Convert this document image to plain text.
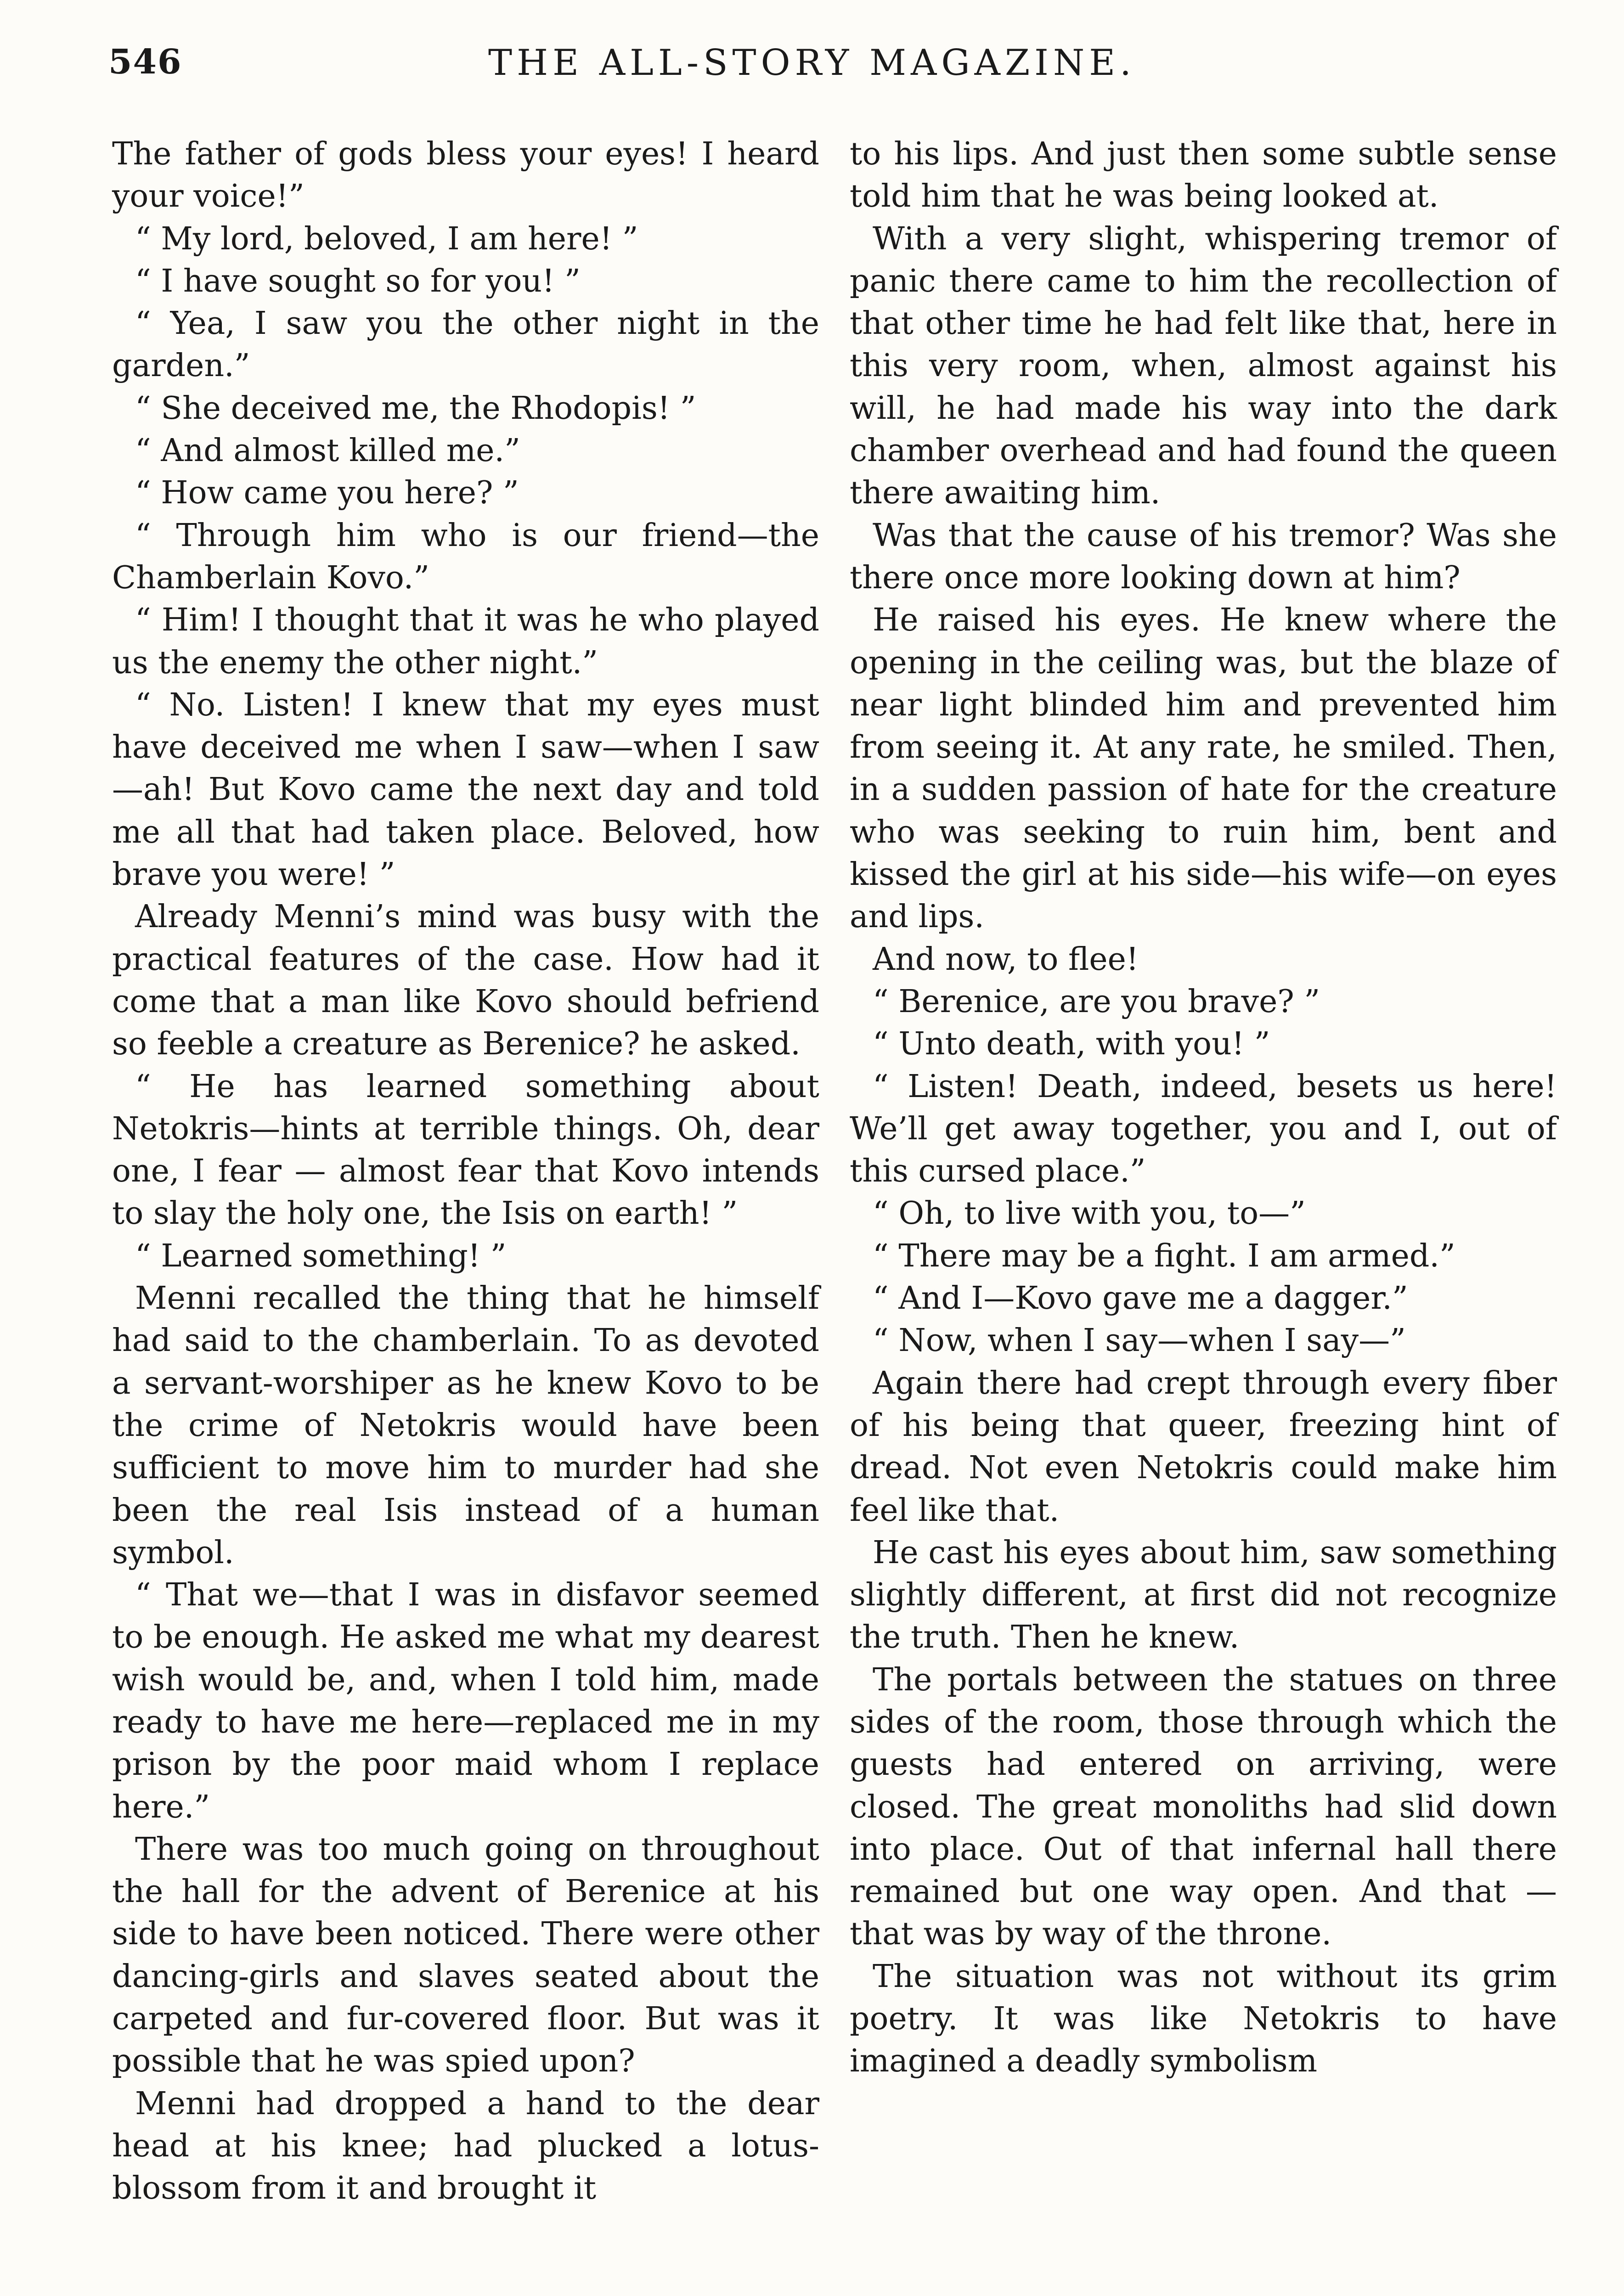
546	THE ALL-STORY MAGAZINE.

The father of gods bless your eyes! I heard your voice!”

“ My lord, beloved, I am here! ”

“ I have sought so for you! ”

“ Yea, I saw you the other night in the garden.”

“ She deceived me, the Rhodopis! ”

“ And almost killed me.”

“ How came you here? ”

“ Through him who is our friend—the Chamberlain Kovo.”

“ Him! I thought that it was he who played us the enemy the other night.”

“ No. Listen! I knew that my eyes must have deceived me when I saw—when I saw—ah! But Kovo came the next day and told me all that had taken place. Beloved, how brave you were! ”

Already Menni’s mind was busy with the practical features of the case. How had it come that a man like Kovo should befriend so feeble a creature as Berenice? he asked.

“ He has learned something about Netokris—hints at terrible things. Oh, dear one, I fear — almost fear that Kovo intends to slay the holy one, the Isis on earth! ”

“ Learned something! ”

Menni recalled the thing that he himself had said to the chamberlain. To as devoted a servant-worshiper as he knew Kovo to be the crime of Netokris would have been sufficient to move him to murder had she been the real Isis instead of a human symbol.

“ That we—that I was in disfavor seemed to be enough. He asked me what my dearest wish would be, and, when I told him, made ready to have me here—replaced me in my prison by the poor maid whom I replace here.”

There was too much going on throughout the hall for the advent of Berenice at his side to have been noticed. There were other dancing-girls and slaves seated about the carpeted and fur-covered floor. But was it possible that he was spied upon?

Menni had dropped a hand to the dear head at his knee; had plucked a lotus-blossom from it and brought it

to his lips. And just then some subtle sense told him that he was being looked at.

With a very slight, whispering tremor of panic there came to him the recollection of that other time he had felt like that, here in this very room, when, almost against his will, he had made his way into the dark chamber overhead and had found the queen there awaiting him.

Was that the cause of his tremor? Was she there once more looking down at him?

He raised his eyes. He knew where the opening in the ceiling was, but the blaze of near light blinded him and prevented him from seeing it. At any rate, he smiled. Then, in a sudden passion of hate for the creature who was seeking to ruin him, bent and kissed the girl at his side—his wife—on eyes and lips.

And now, to flee!

“ Berenice, are you brave? ”

“ Unto death, with you! ”

“ Listen! Death, indeed, besets us here! We’ll get away together, you and I, out of this cursed place.”

“ Oh, to live with you, to—”

“ There may be a fight. I am armed.”

“ And I—Kovo gave me a dagger.”

“ Now, when I say—when I say—”

Again there had crept through every fiber of his being that queer, freezing hint of dread. Not even Netokris could make him feel like that.

He cast his eyes about him, saw something slightly different, at first did not recognize the truth. Then he knew.

The portals between the statues on three sides of the room, those through which the guests had entered on arriving, were closed. The great monoliths had slid down into place. Out of that infernal hall there remained but one way open. And that — that was by way of the throne.

The situation was not without its grim poetry. It was like Netokris to have imagined a deadly symbolism
